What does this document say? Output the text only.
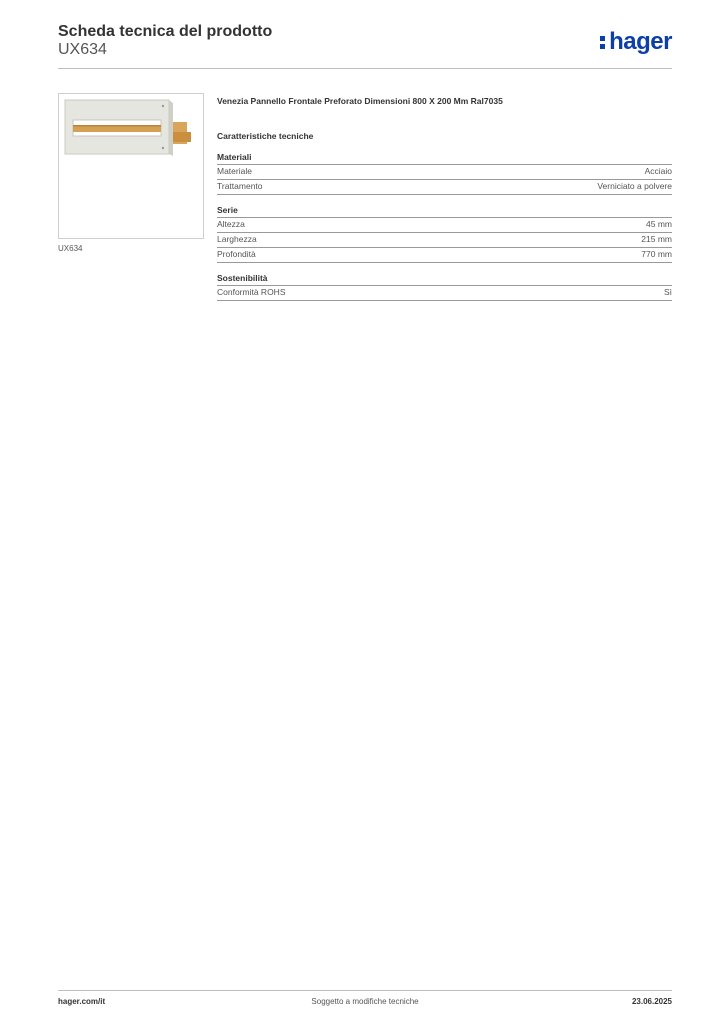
Scheda tecnica del prodotto
UX634	hager
UX634
Venezia Pannello Frontale Preforato Dimensioni 800 X 200 Mm Ral7035
Caratteristiche tecniche
Materiali
Materiale	Acciaio
Trattamento	Verniciato a polvere
Serie
Altezza	45 mm
Larghezza	215 mm
Profondità	770 mm
Sostenibilità
Conformità ROHS	Sì
hager.com/it	Soggetto a modifiche tecniche	23.06.2025
